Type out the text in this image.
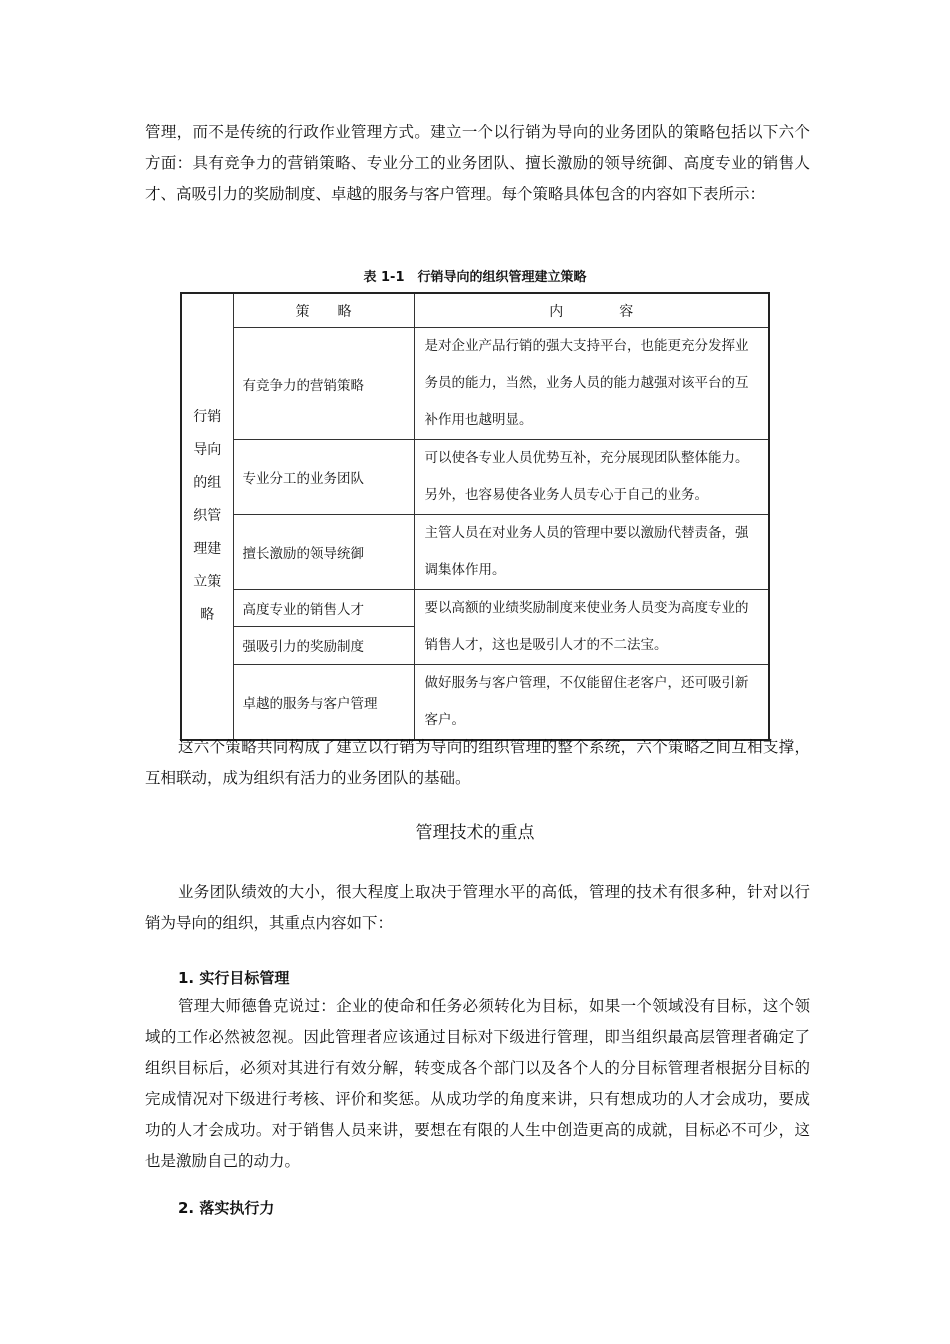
管理，而不是传统的行政作业管理方式。建立一个以行销为导向的业务团队的策略包括以下六个方面：具有竞争力的营销策略、专业分工的业务团队、擅长激励的领导统御、高度专业的销售人才、高吸引力的奖励制度、卓越的服务与客户管理。每个策略具体包含的内容如下表所示：

表 1-1　行销导向的组织管理建立策略
行销导向的组织管理建立策略	策　　略	内　　　　容
	有竞争力的营销策略	是对企业产品行销的强大支持平台，也能更充分发挥业务员的能力，当然，业务人员的能力越强对该平台的互补作用也越明显。
	专业分工的业务团队	可以使各专业人员优势互补，充分展现团队整体能力。另外，也容易使各业务人员专心于自己的业务。
	擅长激励的领导统御	主管人员在对业务人员的管理中要以激励代替责备，强调集体作用。
	高度专业的销售人才	要以高额的业绩奖励制度来使业务人员变为高度专业的销售人才，这也是吸引人才的不二法宝。
	强吸引力的奖励制度	
	卓越的服务与客户管理	做好服务与客户管理，不仅能留住老客户，还可吸引新客户。

这六个策略共同构成了建立以行销为导向的组织管理的整个系统，六个策略之间互相支撑，互相联动，成为组织有活力的业务团队的基础。

管理技术的重点

业务团队绩效的大小，很大程度上取决于管理水平的高低，管理的技术有很多种，针对以行销为导向的组织，其重点内容如下：

1. 实行目标管理

管理大师德鲁克说过：企业的使命和任务必须转化为目标，如果一个领域没有目标，这个领域的工作必然被忽视。因此管理者应该通过目标对下级进行管理，即当组织最高层管理者确定了组织目标后，必须对其进行有效分解，转变成各个部门以及各个人的分目标管理者根据分目标的完成情况对下级进行考核、评价和奖惩。从成功学的角度来讲，只有想成功的人才会成功，要成功的人才会成功。对于销售人员来讲，要想在有限的人生中创造更高的成就，目标必不可少，这也是激励自己的动力。

2. 落实执行力
